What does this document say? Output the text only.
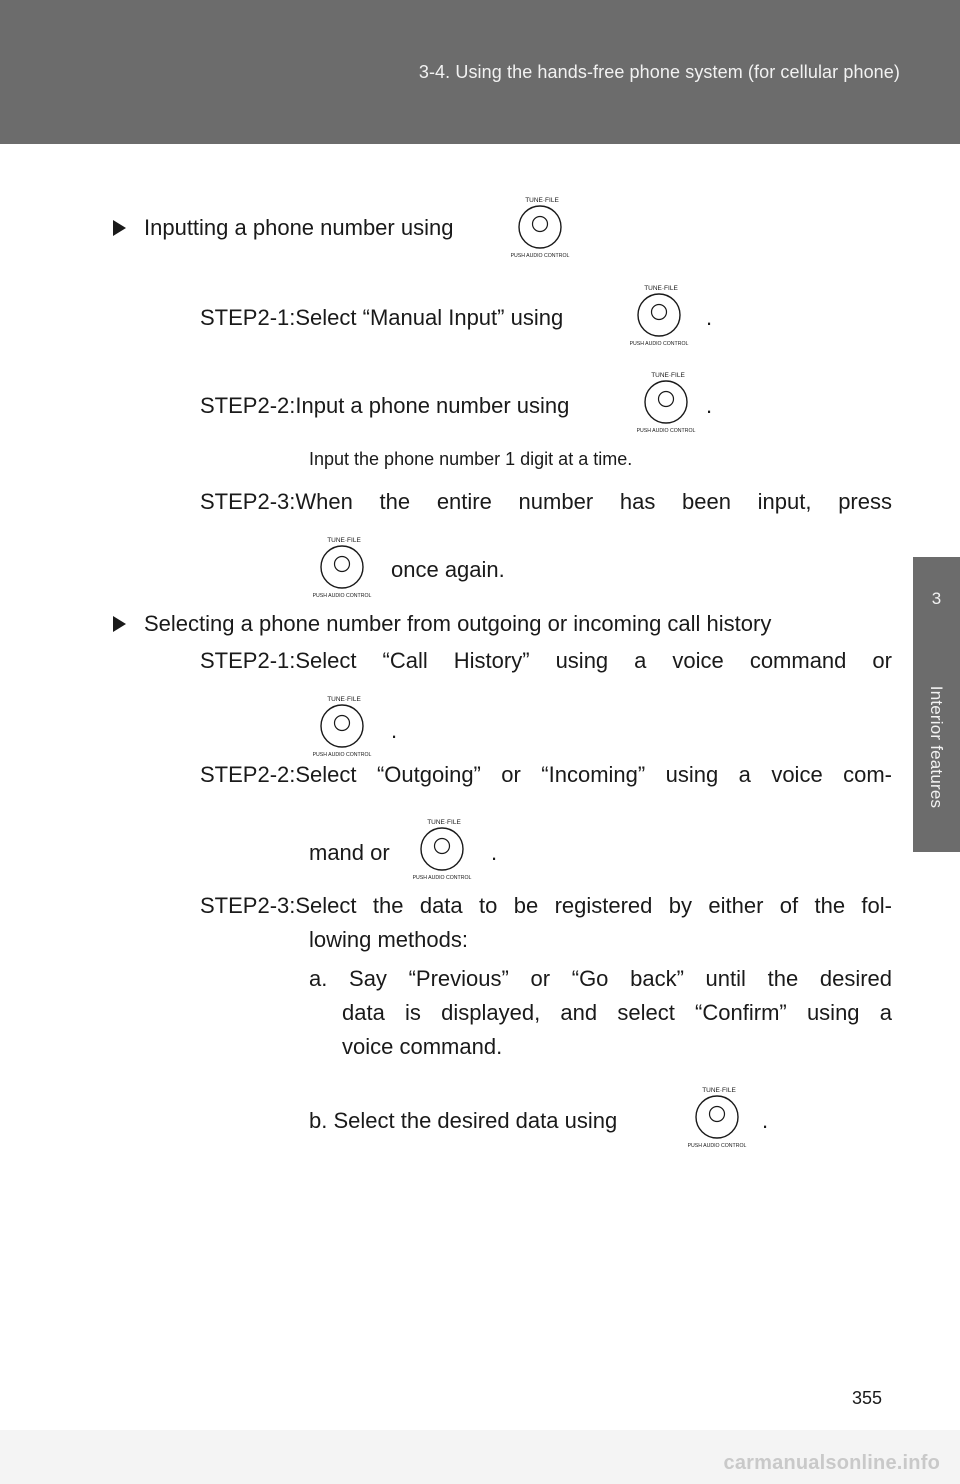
3-4. Using the hands-free phone system (for cellular phone)
3
Interior features
Inputting a phone number using
TUNE·FILE
PUSH AUDIO CONTROL
STEP2-1:Select “Manual Input” using
TUNE·FILE
PUSH AUDIO CONTROL
.
STEP2-2:Input a phone number using
TUNE·FILE
PUSH AUDIO CONTROL
.
Input the phone number 1 digit at a time.
STEP2-3:When the entire number has been input, press
TUNE·FILE
PUSH AUDIO CONTROL
once again.
Selecting a phone number from outgoing or incoming call history
STEP2-1:Select “Call History” using a voice command or
TUNE·FILE
PUSH AUDIO CONTROL
.
STEP2-2:Select “Outgoing” or “Incoming” using a voice com-
mand or
TUNE·FILE
PUSH AUDIO CONTROL
.
STEP2-3:Select the data to be registered by either of the fol-
lowing methods:
a. Say “Previous” or “Go back” until the desired
data is displayed, and select “Confirm” using a
voice command.
b. Select the desired data using
TUNE·FILE
PUSH AUDIO CONTROL
.
355
carmanualsonline.info
